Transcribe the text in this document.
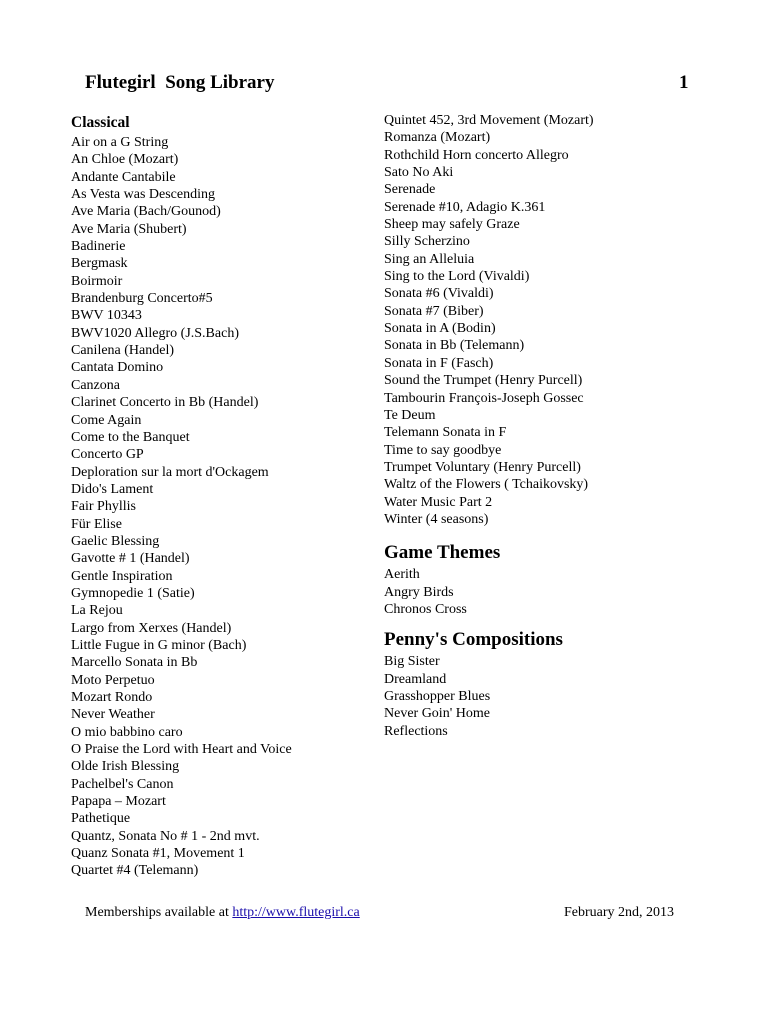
Flutegirl  Song Library	1
Classical
Air on a G String
An Chloe (Mozart)
Andante Cantabile
As Vesta was Descending
Ave Maria (Bach/Gounod)
Ave Maria (Shubert)
Badinerie
Bergmask
Boirmoir
Brandenburg Concerto#5
BWV 10343
BWV1020 Allegro (J.S.Bach)
Canilena (Handel)
Cantata Domino
Canzona
Clarinet Concerto in Bb (Handel)
Come Again
Come to the Banquet
Concerto GP
Deploration sur la mort d'Ockagem
Dido's Lament
Fair Phyllis
Für Elise
Gaelic Blessing
Gavotte # 1 (Handel)
Gentle Inspiration
Gymnopedie 1 (Satie)
La Rejou
Largo from Xerxes (Handel)
Little Fugue in G minor (Bach)
Marcello Sonata in Bb
Moto Perpetuo
Mozart Rondo
Never Weather
O mio babbino caro
O Praise the Lord with Heart and Voice
Olde Irish Blessing
Pachelbel's Canon
Papapa – Mozart
Pathetique
Quantz, Sonata No # 1 - 2nd mvt.
Quanz Sonata #1, Movement 1
Quartet #4 (Telemann)
Quintet 452, 3rd Movement (Mozart)
Romanza (Mozart)
Rothchild Horn concerto Allegro
Sato No Aki
Serenade
Serenade #10, Adagio K.361
Sheep may safely Graze
Silly Scherzino
Sing an Alleluia
Sing to the Lord (Vivaldi)
Sonata #6 (Vivaldi)
Sonata #7 (Biber)
Sonata in A (Bodin)
Sonata in Bb (Telemann)
Sonata in F (Fasch)
Sound the Trumpet (Henry Purcell)
Tambourin François-Joseph Gossec
Te Deum
Telemann Sonata in F
Time to say goodbye
Trumpet Voluntary (Henry Purcell)
Waltz of the Flowers ( Tchaikovsky)
Water Music Part 2
Winter (4 seasons)
Game Themes
Aerith
Angry Birds
Chronos Cross
Penny's Compositions
Big Sister
Dreamland
Grasshopper Blues
Never Goin' Home
Reflections
Memberships available at http://www.flutegirl.ca	February 2nd, 2013
